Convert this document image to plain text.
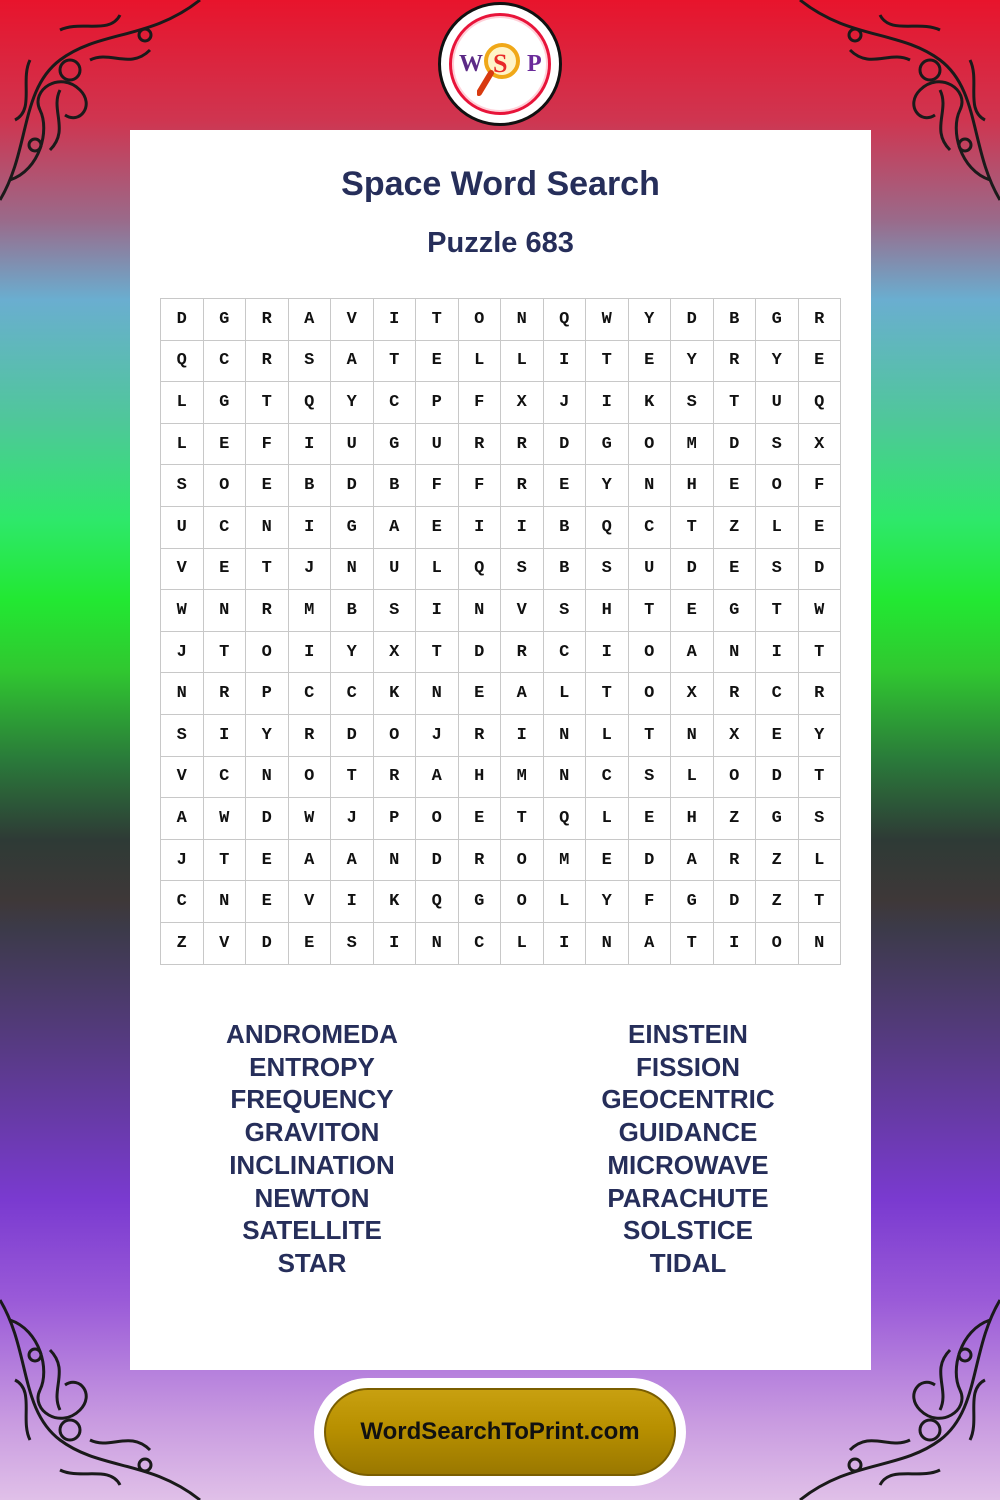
Space Word Search
Puzzle 683
D	G	R	A	V	I	T	O	N	Q	W	Y	D	B	G	R
Q	C	R	S	A	T	E	L	L	I	T	E	Y	R	Y	E
L	G	T	Q	Y	C	P	F	X	J	I	K	S	T	U	Q
L	E	F	I	U	G	U	R	R	D	G	O	M	D	S	X
S	O	E	B	D	B	F	F	R	E	Y	N	H	E	O	F
U	C	N	I	G	A	E	I	I	B	Q	C	T	Z	L	E
V	E	T	J	N	U	L	Q	S	B	S	U	D	E	S	D
W	N	R	M	B	S	I	N	V	S	H	T	E	G	T	W
J	T	O	I	Y	X	T	D	R	C	I	O	A	N	I	T
N	R	P	C	C	K	N	E	A	L	T	O	X	R	C	R
S	I	Y	R	D	O	J	R	I	N	L	T	N	X	E	Y
V	C	N	O	T	R	A	H	M	N	C	S	L	O	D	T
A	W	D	W	J	P	O	E	T	Q	L	E	H	Z	G	S
J	T	E	A	A	N	D	R	O	M	E	D	A	R	Z	L
C	N	E	V	I	K	Q	G	O	L	Y	F	G	D	Z	T
Z	V	D	E	S	I	N	C	L	I	N	A	T	I	O	N
ANDROMEDA
ENTROPY
FREQUENCY
GRAVITON
INCLINATION
NEWTON
SATELLITE
STAR
EINSTEIN
FISSION
GEOCENTRIC
GUIDANCE
MICROWAVE
PARACHUTE
SOLSTICE
TIDAL
W S P
WordSearchToPrint.com
